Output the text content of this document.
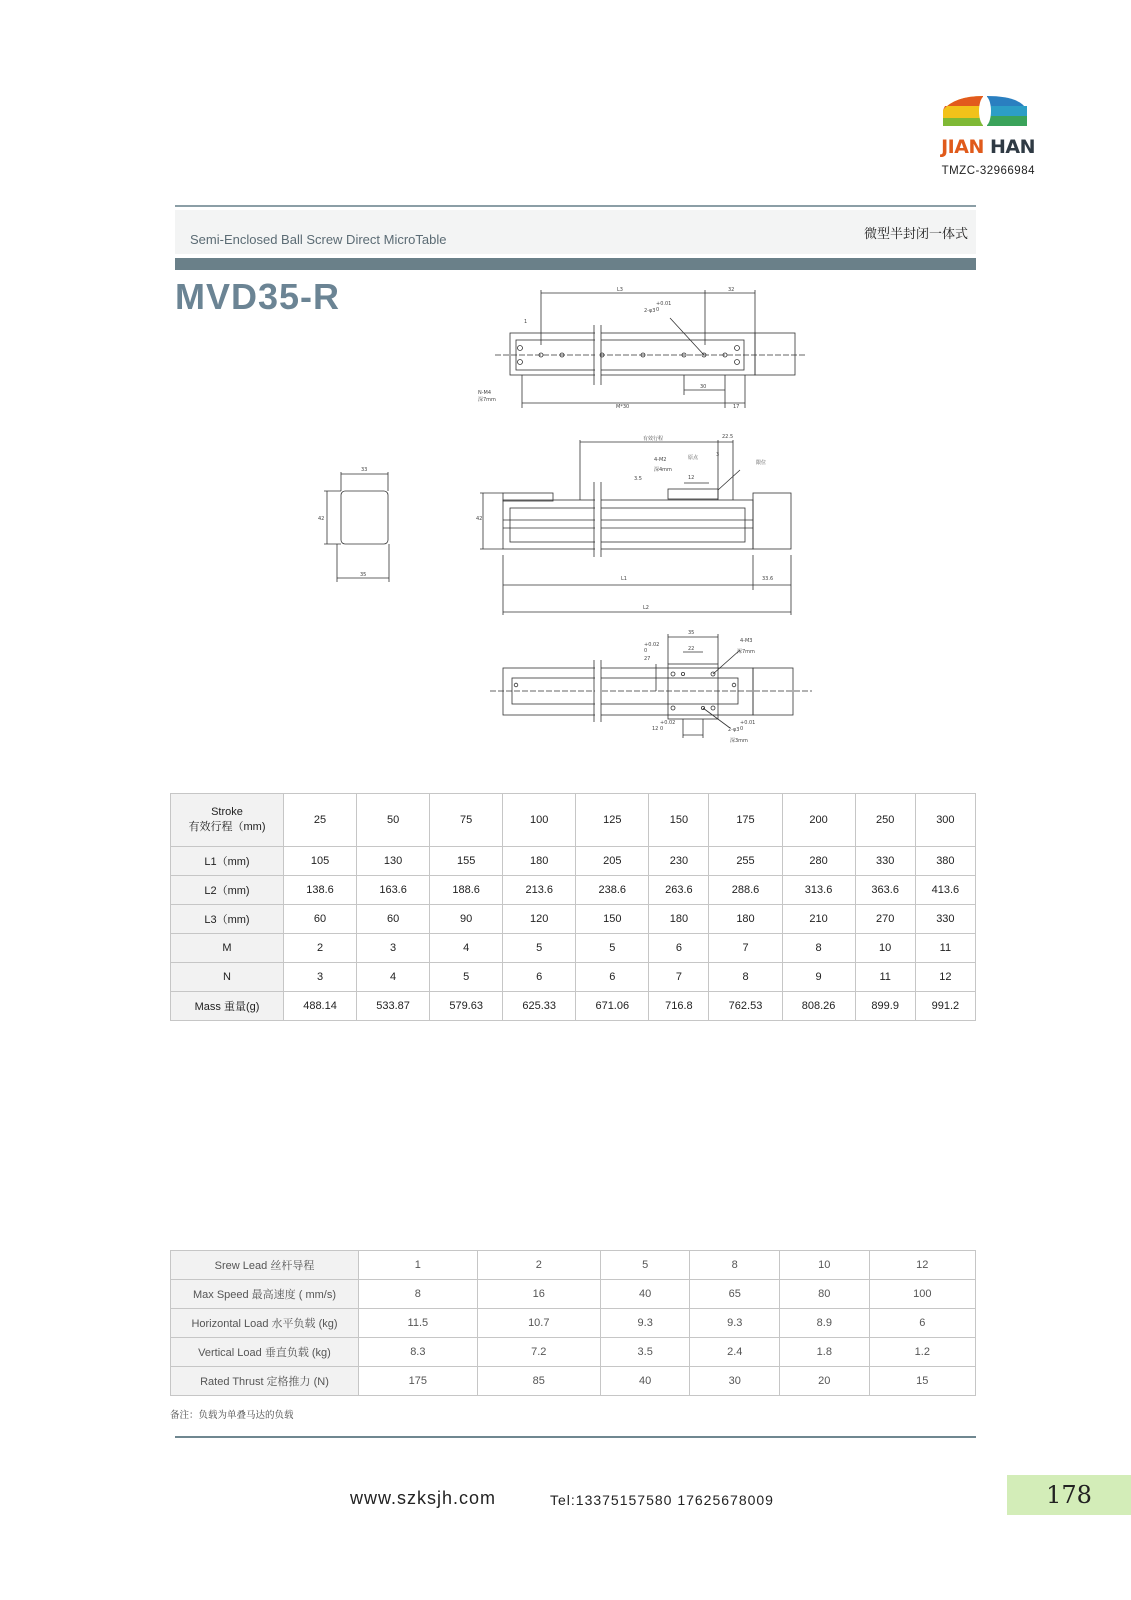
JIAN HAN
TMZC-32966984
Semi-Enclosed Ball Screw Direct MicroTable	微型半封闭一体式
MVD35-R	L3	32
2-φ3
+0.01
0
1
N-M4
深7mm
30
M*30	17
有效行程	22.5
4-M2
深4mm
原点
限位
3
3.5	12
33
42
35
42
L1	33.6
L2
35
4-M3
深7mm
22
27
+0.02
0
12
+0.02
0	2-φ3
+0.01
0
深3mm
Stroke
有效行程（mm)	25	50	75	100	125	150	175	200	250	300
L1（mm)	105	130	155	180	205	230	255	280	330	380
L2（mm)	138.6	163.6	188.6	213.6	238.6	263.6	288.6	313.6	363.6	413.6
L3（mm)	60	60	90	120	150	180	180	210	270	330
M	2	3	4	5	5	6	7	8	10	11
N	3	4	5	6	6	7	8	9	11	12
Mass 重量(g)	488.14	533.87	579.63	625.33	671.06	716.8	762.53	808.26	899.9	991.2
Srew Lead 丝杆导程	1	2	5	8	10	12
Max Speed 最高速度 ( mm/s)	8	16	40	65	80	100
Horizontal Load 水平负载 (kg)	11.5	10.7	9.3	9.3	8.9	6
Vertical Load 垂直负载 (kg)	8.3	7.2	3.5	2.4	1.8	1.2
Rated Thrust 定格推力 (N)	175	85	40	30	20	15
备注：负载为单叠马达的负载
www.szksjh.com	Tel:13375157580 17625678009	178
